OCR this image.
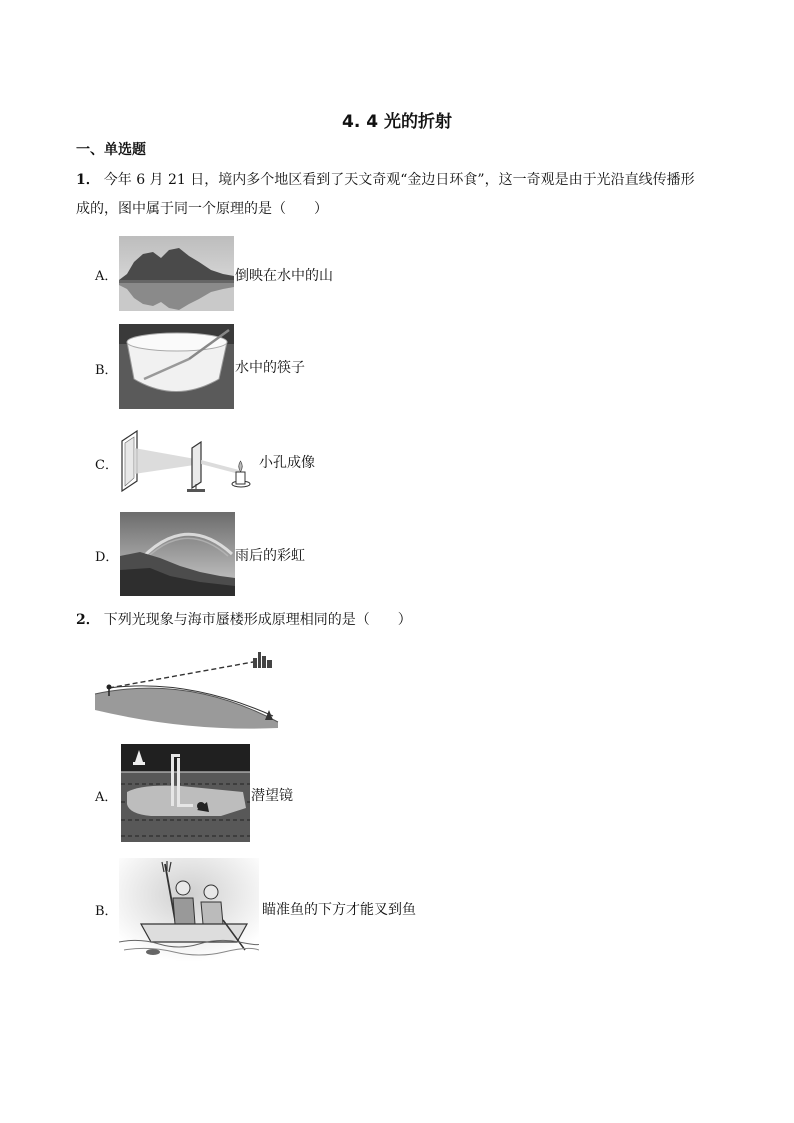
4. 4 光的折射
一、单选题
1． 今年 6 月 21 日，境内多个地区看到了天文奇观“金边日环食”，这一奇观是由于光沿直线传播形
成的，图中属于同一个原理的是（　　）
A．	倒映在水中的山
B．	水中的筷子
C．	小孔成像
D．	雨后的彩虹
2． 下列光现象与海市蜃楼形成原理相同的是（　　）
A．	潜望镜
B．	瞄准鱼的下方才能叉到鱼
